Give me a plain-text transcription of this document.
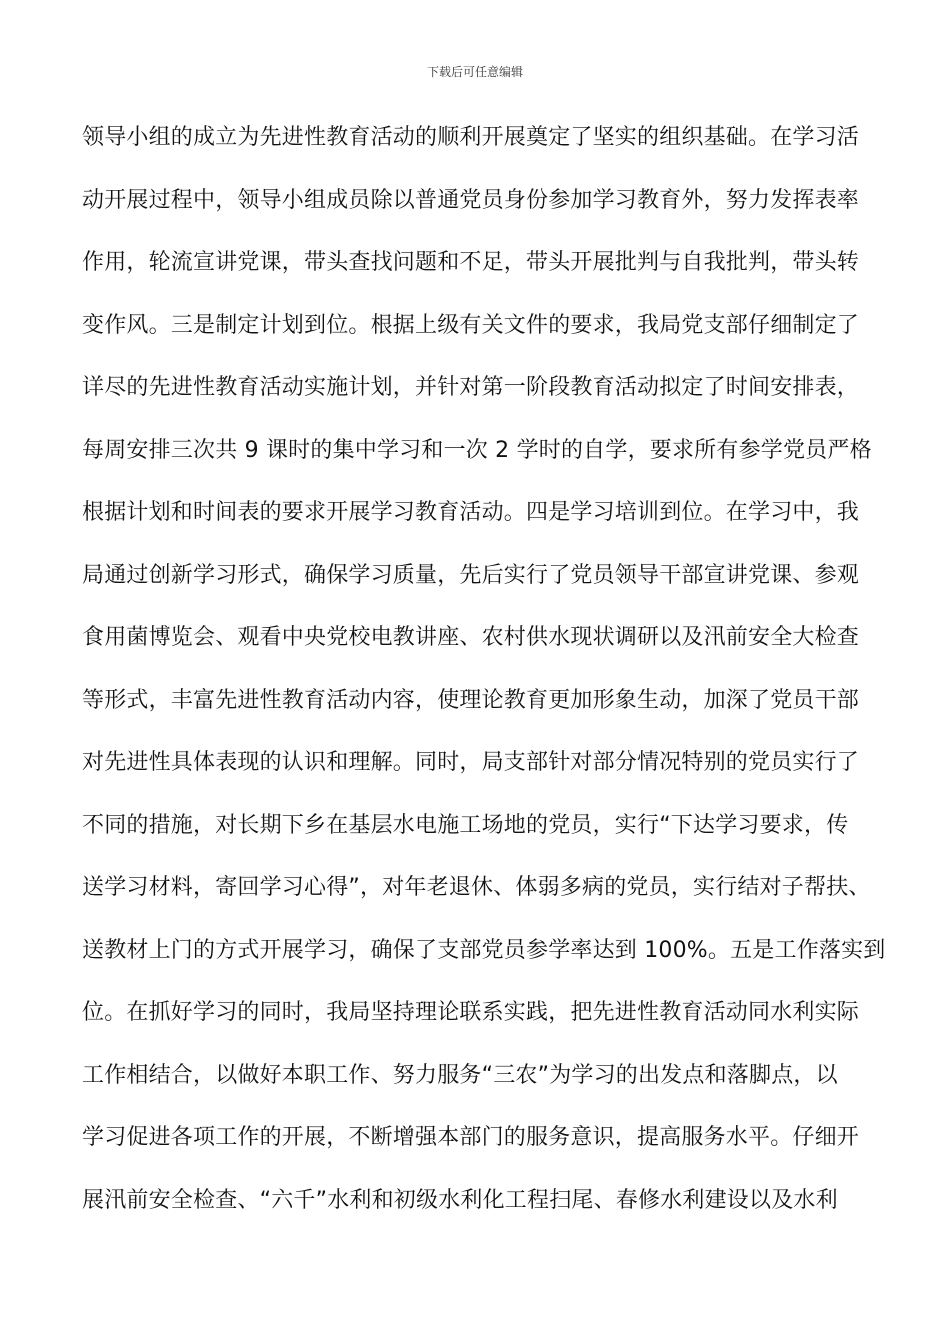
下载后可任意编辑
领导小组的成立为先进性教育活动的顺利开展奠定了坚实的组织基础。在学习活
动开展过程中，领导小组成员除以普通党员身份参加学习教育外，努力发挥表率
作用，轮流宣讲党课，带头查找问题和不足，带头开展批判与自我批判，带头转
变作风。三是制定计划到位。根据上级有关文件的要求，我局党支部仔细制定了
详尽的先进性教育活动实施计划，并针对第一阶段教育活动拟定了时间安排表，
每周安排三次共 9 课时的集中学习和一次 2 学时的自学，要求所有参学党员严格
根据计划和时间表的要求开展学习教育活动。四是学习培训到位。在学习中，我
局通过创新学习形式，确保学习质量，先后实行了党员领导干部宣讲党课、参观
食用菌博览会、观看中央党校电教讲座、农村供水现状调研以及汛前安全大检查
等形式，丰富先进性教育活动内容，使理论教育更加形象生动，加深了党员干部
对先进性具体表现的认识和理解。同时，局支部针对部分情况特别的党员实行了
不同的措施，对长期下乡在基层水电施工场地的党员，实行“下达学习要求，传
送学习材料，寄回学习心得”，对年老退休、体弱多病的党员，实行结对子帮扶、
送教材上门的方式开展学习，确保了支部党员参学率达到 100%。五是工作落实到
位。在抓好学习的同时，我局坚持理论联系实践，把先进性教育活动同水利实际
工作相结合，以做好本职工作、努力服务“三农”为学习的出发点和落脚点，以
学习促进各项工作的开展，不断增强本部门的服务意识，提高服务水平。仔细开
展汛前安全检查、“六千”水利和初级水利化工程扫尾、春修水利建设以及水利
